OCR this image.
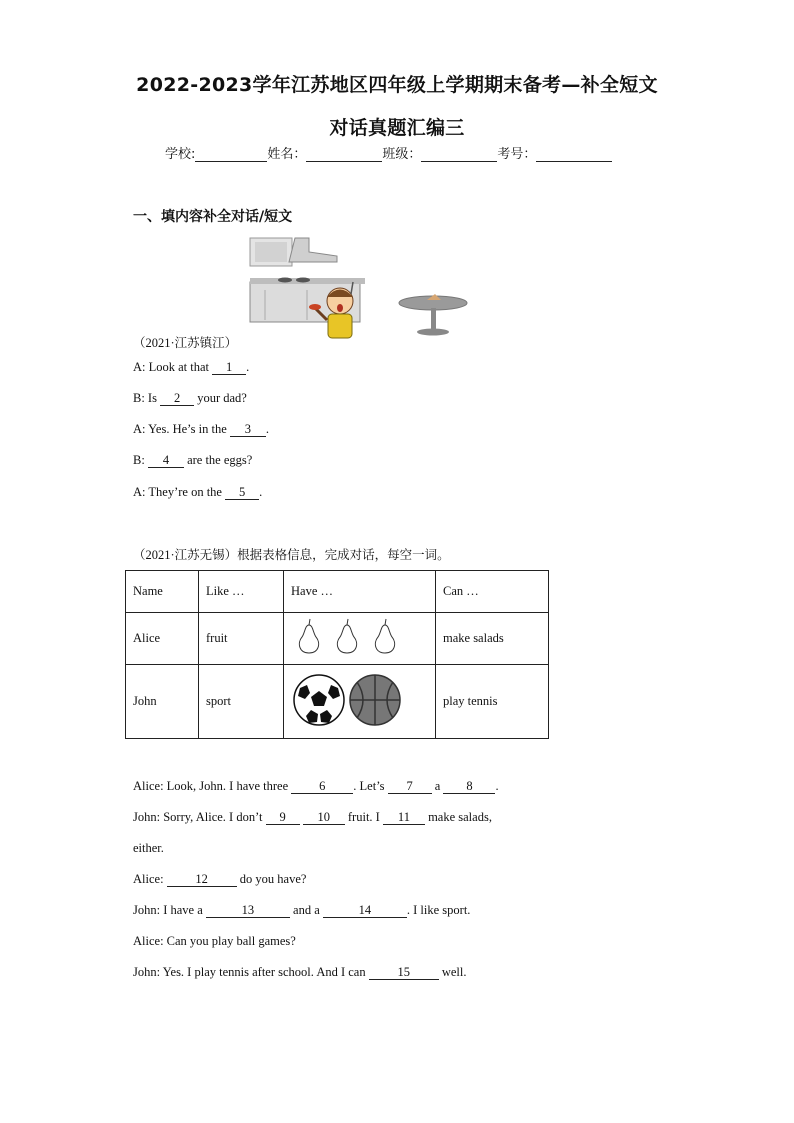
2022-2023学年江苏地区四年级上学期期末备考—补全短文
对话真题汇编三
学校:	姓名：	班级：	考号：
一、填内容补全对话/短文
（2021·江苏镇江）
A: Look at that 1 .
B: Is 2 your dad?
A: Yes. He’s in the 3 .
B: 4 are the eggs?
A: They’re on the 5 .
（2021·江苏无锡）根据表格信息，完成对话，每空一词。
Name	Like …	Have …	Can …
Alice	fruit		make salads
John	sport		play tennis
Alice: Look, John. I have three 6 . Let’s 7 a 8 .
John: Sorry, Alice. I don’t 9	10 fruit. I 11 make salads,
either.
Alice: 12 do you have?
John: I have a	13	and a	14	. I like sport.
Alice: Can you play ball games?
John: Yes. I play tennis after school. And I can 15 well.
